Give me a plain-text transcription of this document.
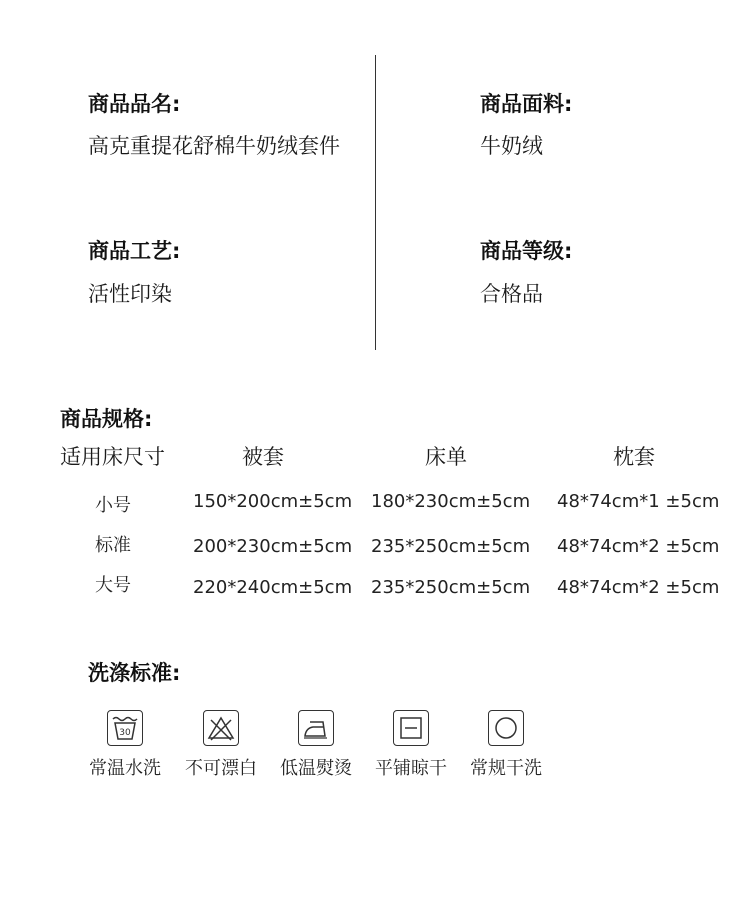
商品品名:
高克重提花舒棉牛奶绒套件
商品面料:
牛奶绒
商品工艺:
活性印染
商品等级:
合格品
商品规格:
适用床尺寸	被套	床单	枕套
小号	150*200cm±5cm 180*230cm±5cm 48*74cm*1 ±5cm
标准	200*230cm±5cm 235*250cm±5cm 48*74cm*2 ±5cm
大号	220*240cm±5cm 235*250cm±5cm 48*74cm*2 ±5cm
洗涤标准:
30
常温水洗 不可漂白 低温熨烫 平铺晾干 常规干洗
